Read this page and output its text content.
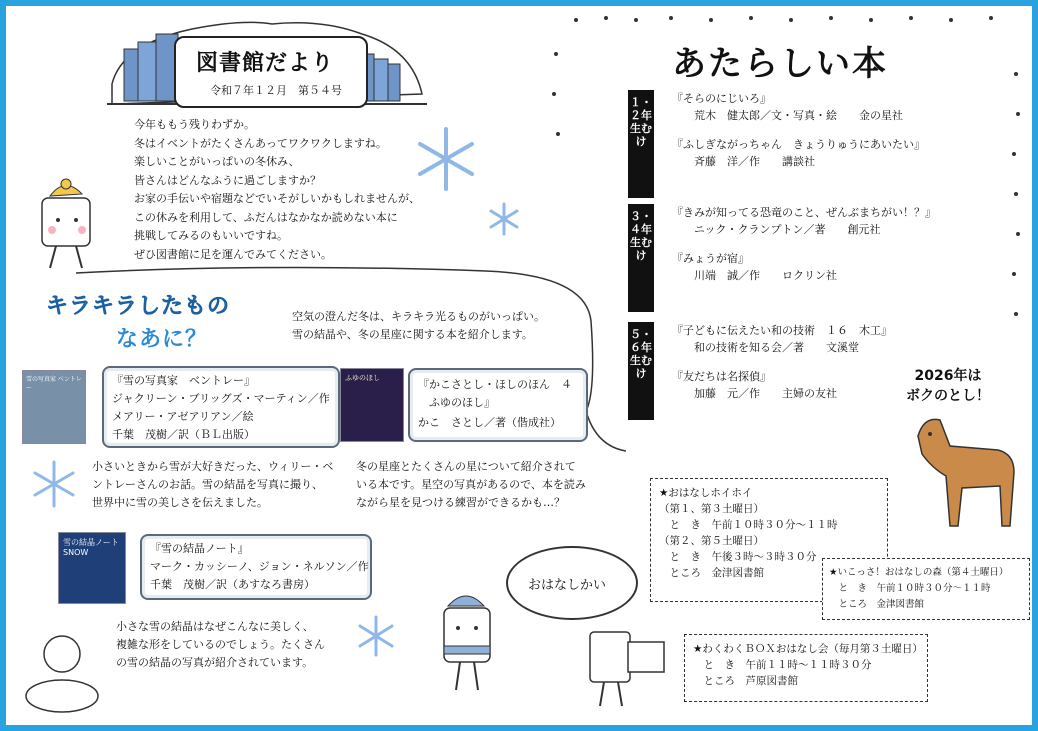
図書館だより
令和７年１２月　第５４号
今年ももう残りわずか。
冬はイベントがたくさんあってワクワクしますね。
楽しいことがいっぱいの冬休み、
皆さんはどんなふうに過ごしますか？
お家の手伝いや宿題などでいそがしいかもしれませんが、
この休みを利用して、ふだんはなかなか読めない本に
挑戦してみるのもいいですね。
ぜひ図書館に足を運んでみてください。
キラキラしたもの
なあに？
空気の澄んだ冬は、キラキラ光るものがいっぱい。
雪の結晶や、冬の星座に関する本を紹介します。
雪の写真家 ベントレー
『雪の写真家　ベントレー』
ジャクリーン・ブリッグズ・マーティン／作
メアリー・アゼアリアン／絵
千葉　茂樹／訳（ＢＬ出版）
小さいときから雪が大好きだった、ウィリー・ベ
ントレーさんのお話。雪の結晶を写真に撮り、
世界中に雪の美しさを伝えました。
ふゆのほし	『かこさとし・ほしのほん　４
　ふゆのほし』
かこ　さとし／著（偕成社）
冬の星座とたくさんの星について紹介されて
いる本です。星空の写真があるので、本を読み
ながら星を見つける練習ができるかも…？
雪の結晶ノート SNOW	『雪の結晶ノート』
マーク・カッシーノ、ジョン・ネルソン／作
千葉　茂樹／訳（あすなろ書房）
小さな雪の結晶はなぜこんなに美しく、
複雑な形をしているのでしょう。たくさん
の雪の結晶の写真が紹介されています。
おはなしかい
あたらしい本
１・２年生むけ
『そらのにじいろ』
　　荒木　健太郎／文・写真・絵　　金の星社
『ふしぎながっちゃん　きょうりゅうにあいたい』
　　斉藤　洋／作　　講談社
３・４年生むけ
『きみが知ってる恐竜のこと、ぜんぶまちがい！？』
　　ニック・クランプトン／著　　創元社
『みょうが宿』
　　川端　誠／作　　ロクリン社
５・６年生むけ
『子どもに伝えたい和の技術　１６　木工』
　　和の技術を知る会／著　　文溪堂
『友だちは名探偵』
　　加藤　元／作　　主婦の友社
2026年は
ボクのとし！
★おはなしホイホイ
（第１、第３土曜日）
　と　き　午前１０時３０分～１１時
（第２、第５土曜日）
　と　き　午後３時～３時３０分
　ところ　金津図書館	★いこっさ！おはなしの森（第４土曜日）
　と　き　午前１０時３０分～１１時
　ところ　金津図書館
★わくわくＢＯＸおはなし会（毎月第３土曜日）
　と　き　午前１１時～１１時３０分
　ところ　芦原図書館
